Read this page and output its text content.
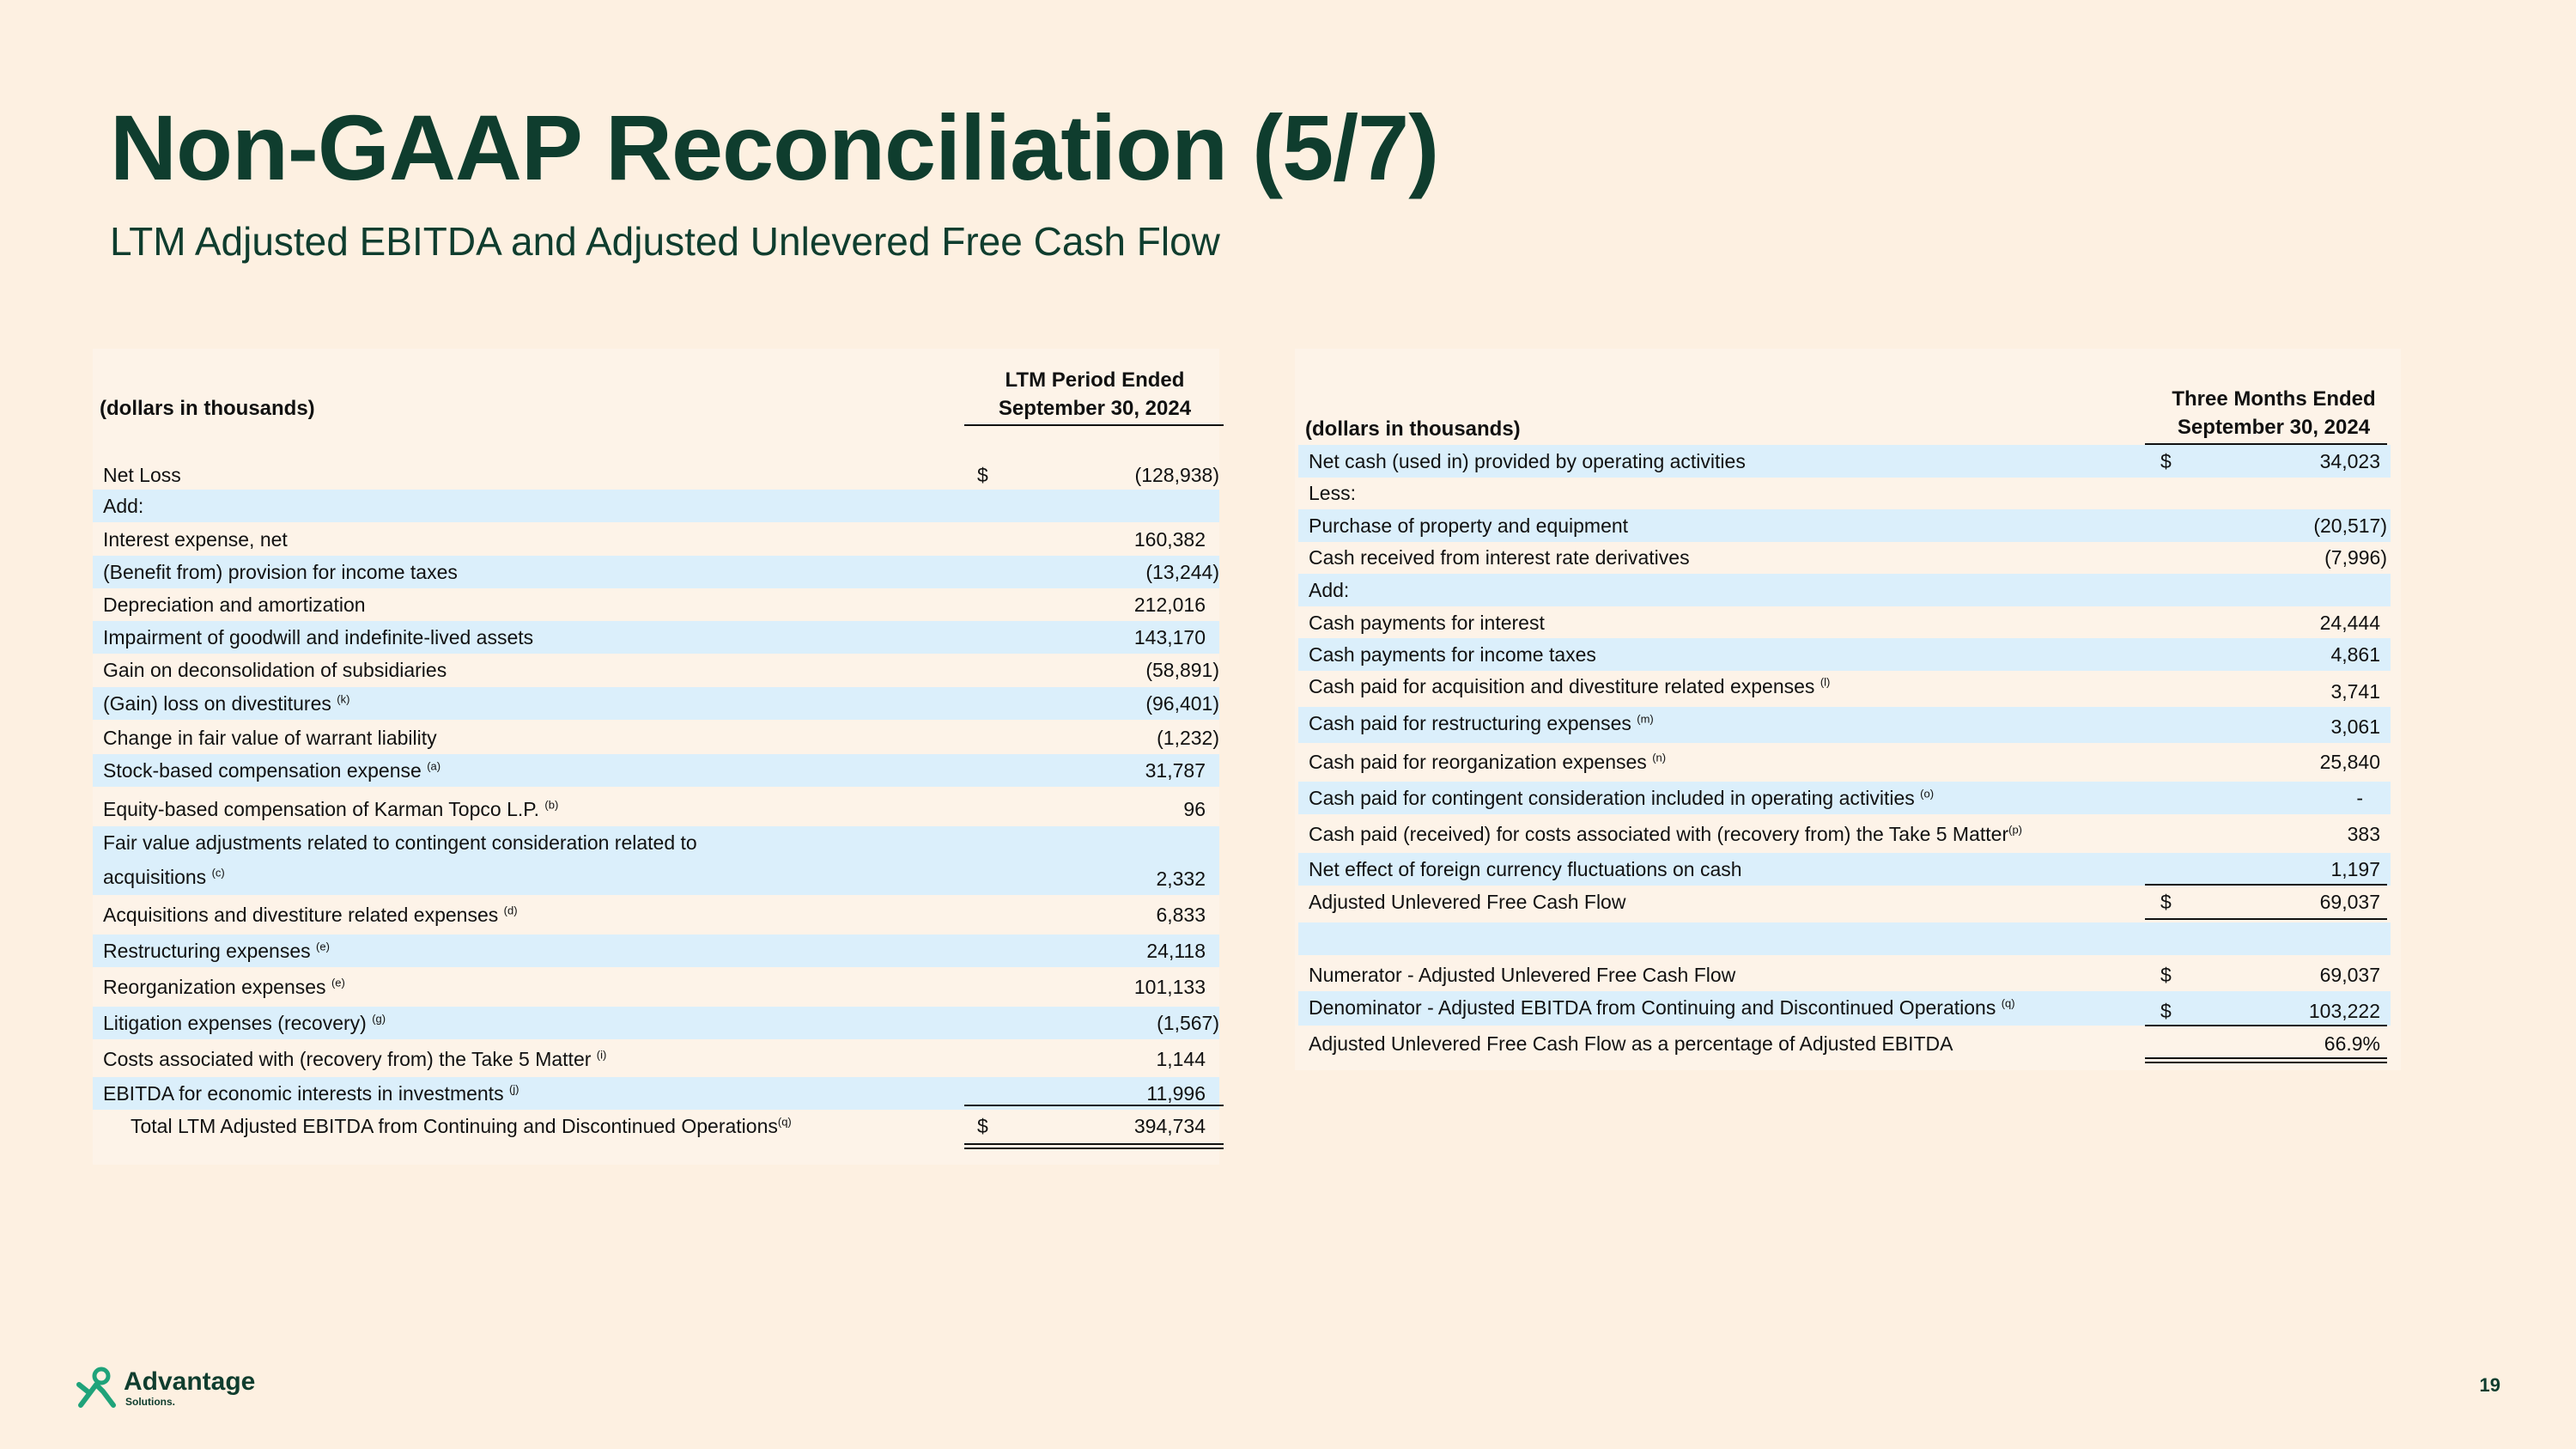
Non-GAAP Reconciliation (5/7)
LTM Adjusted EBITDA and Adjusted Unlevered Free Cash Flow
(dollars in thousands)
LTM Period Ended
September 30, 2024
Net Loss	$	(128,938)
Add:
Interest expense, net	160,382
(Benefit from) provision for income taxes	(13,244)
Depreciation and amortization	212,016
Impairment of goodwill and indefinite-lived assets	143,170
Gain on deconsolidation of subsidiaries	(58,891)
(Gain) loss on divestitures $^{(k)}$	(96,401)
Change in fair value of warrant liability	(1,232)
Stock-based compensation expense $^{(a)}$	31,787
Equity-based compensation of Karman Topco L.P. $^{(b)}$	96
Fair value adjustments related to contingent consideration related to
acquisitions $^{(c)}$	2,332
Acquisitions and divestiture related expenses $^{(d)}$	6,833
Restructuring expenses $^{(e)}$	24,118
Reorganization expenses $^{(e)}$	101,133
Litigation expenses (recovery) $^{(g)}$	(1,567)
Costs associated with (recovery from) the Take 5 Matter $^{(i)}$	1,144
EBITDA for economic interests in investments $^{(j)}$	11,996
Total LTM Adjusted EBITDA from Continuing and Discontinued Operations$^{(q)}$	$	394,734
(dollars in thousands)
Three Months Ended
September 30, 2024
Net cash (used in) provided by operating activities	$	34,023
Less:
Purchase of property and equipment	(20,517)
Cash received from interest rate derivatives	(7,996)
Add:
Cash payments for interest	24,444
Cash payments for income taxes	4,861
Cash paid for acquisition and divestiture related expenses $^{(l)}$	3,741
Cash paid for restructuring expenses $^{(m)}$	3,061
Cash paid for reorganization expenses $^{(n)}$	25,840
Cash paid for contingent consideration included in operating activities $^{(o)}$	-
Cash paid (received) for costs associated with (recovery from) the Take 5 Matter$^{(p)}$	383
Net effect of foreign currency fluctuations on cash	1,197
Adjusted Unlevered Free Cash Flow	$	69,037
Numerator - Adjusted Unlevered Free Cash Flow	$	69,037
Denominator - Adjusted EBITDA from Continuing and Discontinued Operations $^{(q)}$	$	103,222
Adjusted Unlevered Free Cash Flow as a percentage of Adjusted EBITDA	66.9%
Advantage
Solutions.
19
